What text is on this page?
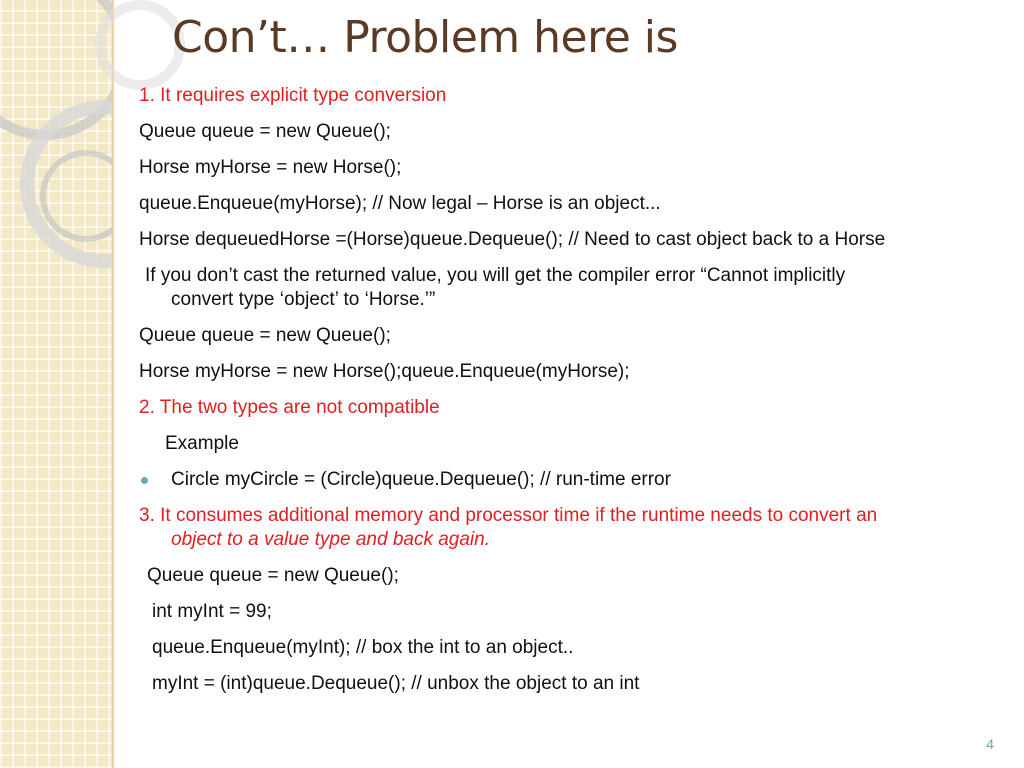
Con’t… Problem here is

1. It requires explicit type conversion

Queue queue = new Queue();

Horse myHorse = new Horse();

queue.Enqueue(myHorse); // Now legal – Horse is an object...

Horse dequeuedHorse =(Horse)queue.Dequeue(); // Need to cast object back to a Horse

If you don’t cast the returned value, you will get the compiler error “Cannot implicitly
convert type ‘object’ to ‘Horse.’”

Queue queue = new Queue();

Horse myHorse = new Horse();queue.Enqueue(myHorse);

2. The two types are not compatible

Example

Circle myCircle = (Circle)queue.Dequeue(); // run-time error

3. It consumes additional memory and processor time if the runtime needs to convert an
object to a value type and back again.

Queue queue = new Queue();

int myInt = 99;

queue.Enqueue(myInt); // box the int to an object..

myInt = (int)queue.Dequeue(); // unbox the object to an int

4
